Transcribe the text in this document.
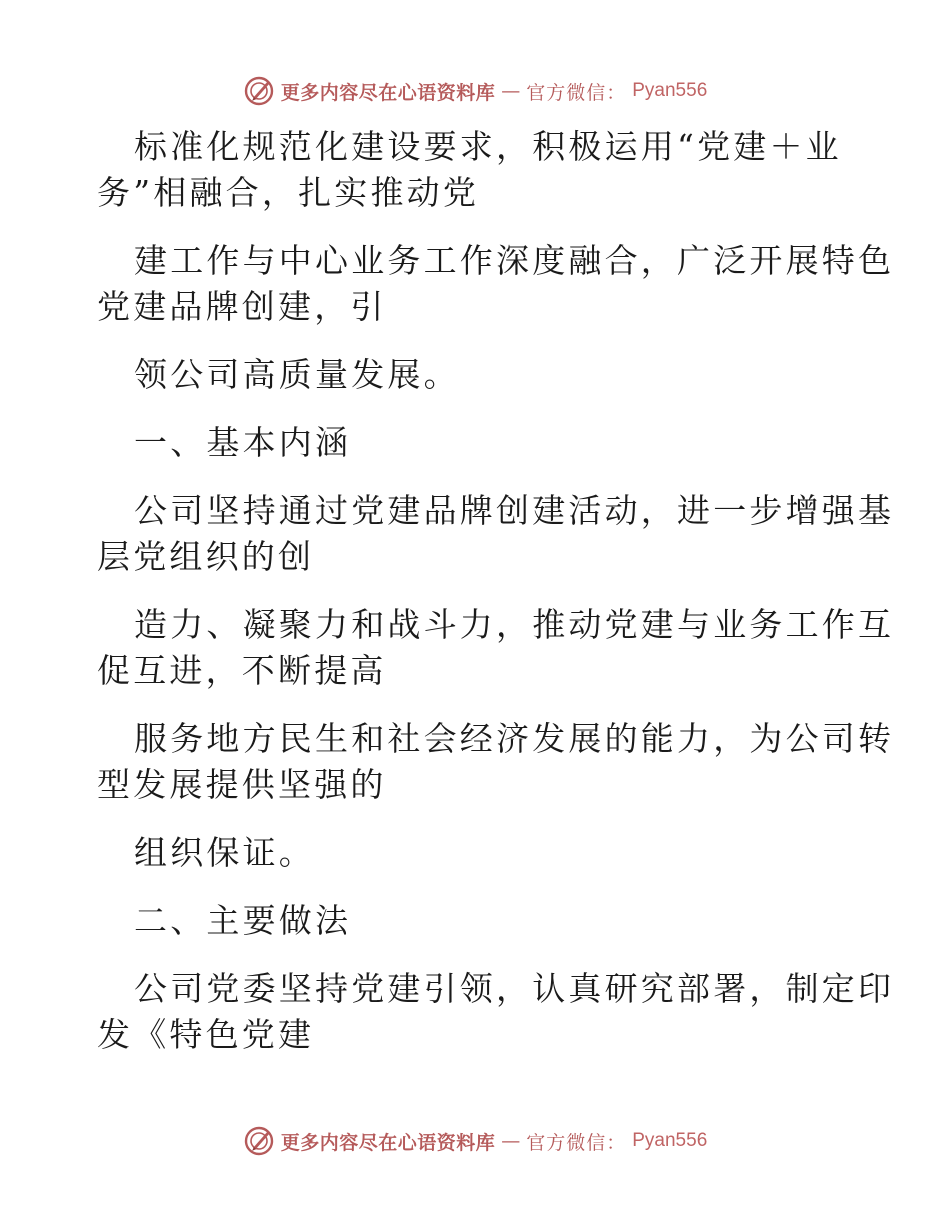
更多内容尽在心语资料库 — 官方微信： Pyan556
标准化规范化建设要求，积极运用“党建＋业
务”相融合，扎实推动党
建工作与中心业务工作深度融合，广泛开展特色
党建品牌创建，引
领公司高质量发展。
一、基本内涵
公司坚持通过党建品牌创建活动，进一步增强基
层党组织的创
造力、凝聚力和战斗力，推动党建与业务工作互
促互进，不断提高
服务地方民生和社会经济发展的能力，为公司转
型发展提供坚强的
组织保证。
二、主要做法
公司党委坚持党建引领，认真研究部署，制定印
发《特色党建
更多内容尽在心语资料库 — 官方微信： Pyan556
